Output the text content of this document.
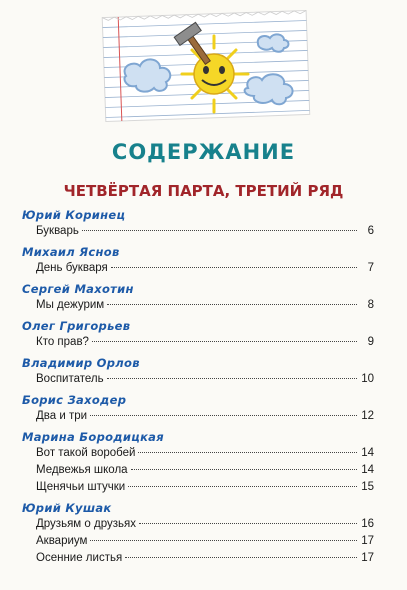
СОДЕРЖАНИЕ
ЧЕТВЁРТАЯ ПАРТА, ТРЕТИЙ РЯД
Юрий Коринец
Букварь	6
Михаил Яснов
День букваря	7
Сергей Махотин
Мы дежурим	8
Олег Григорьев
Кто прав?	9
Владимир Орлов
Воспитатель	10
Борис Заходер
Два и три	12
Марина Бородицкая
Вот такой воробей	14
Медвежья школа	14
Щенячьи штучки	15
Юрий Кушак
Друзьям о друзьях	16
Аквариум	17
Осенние листья	17
